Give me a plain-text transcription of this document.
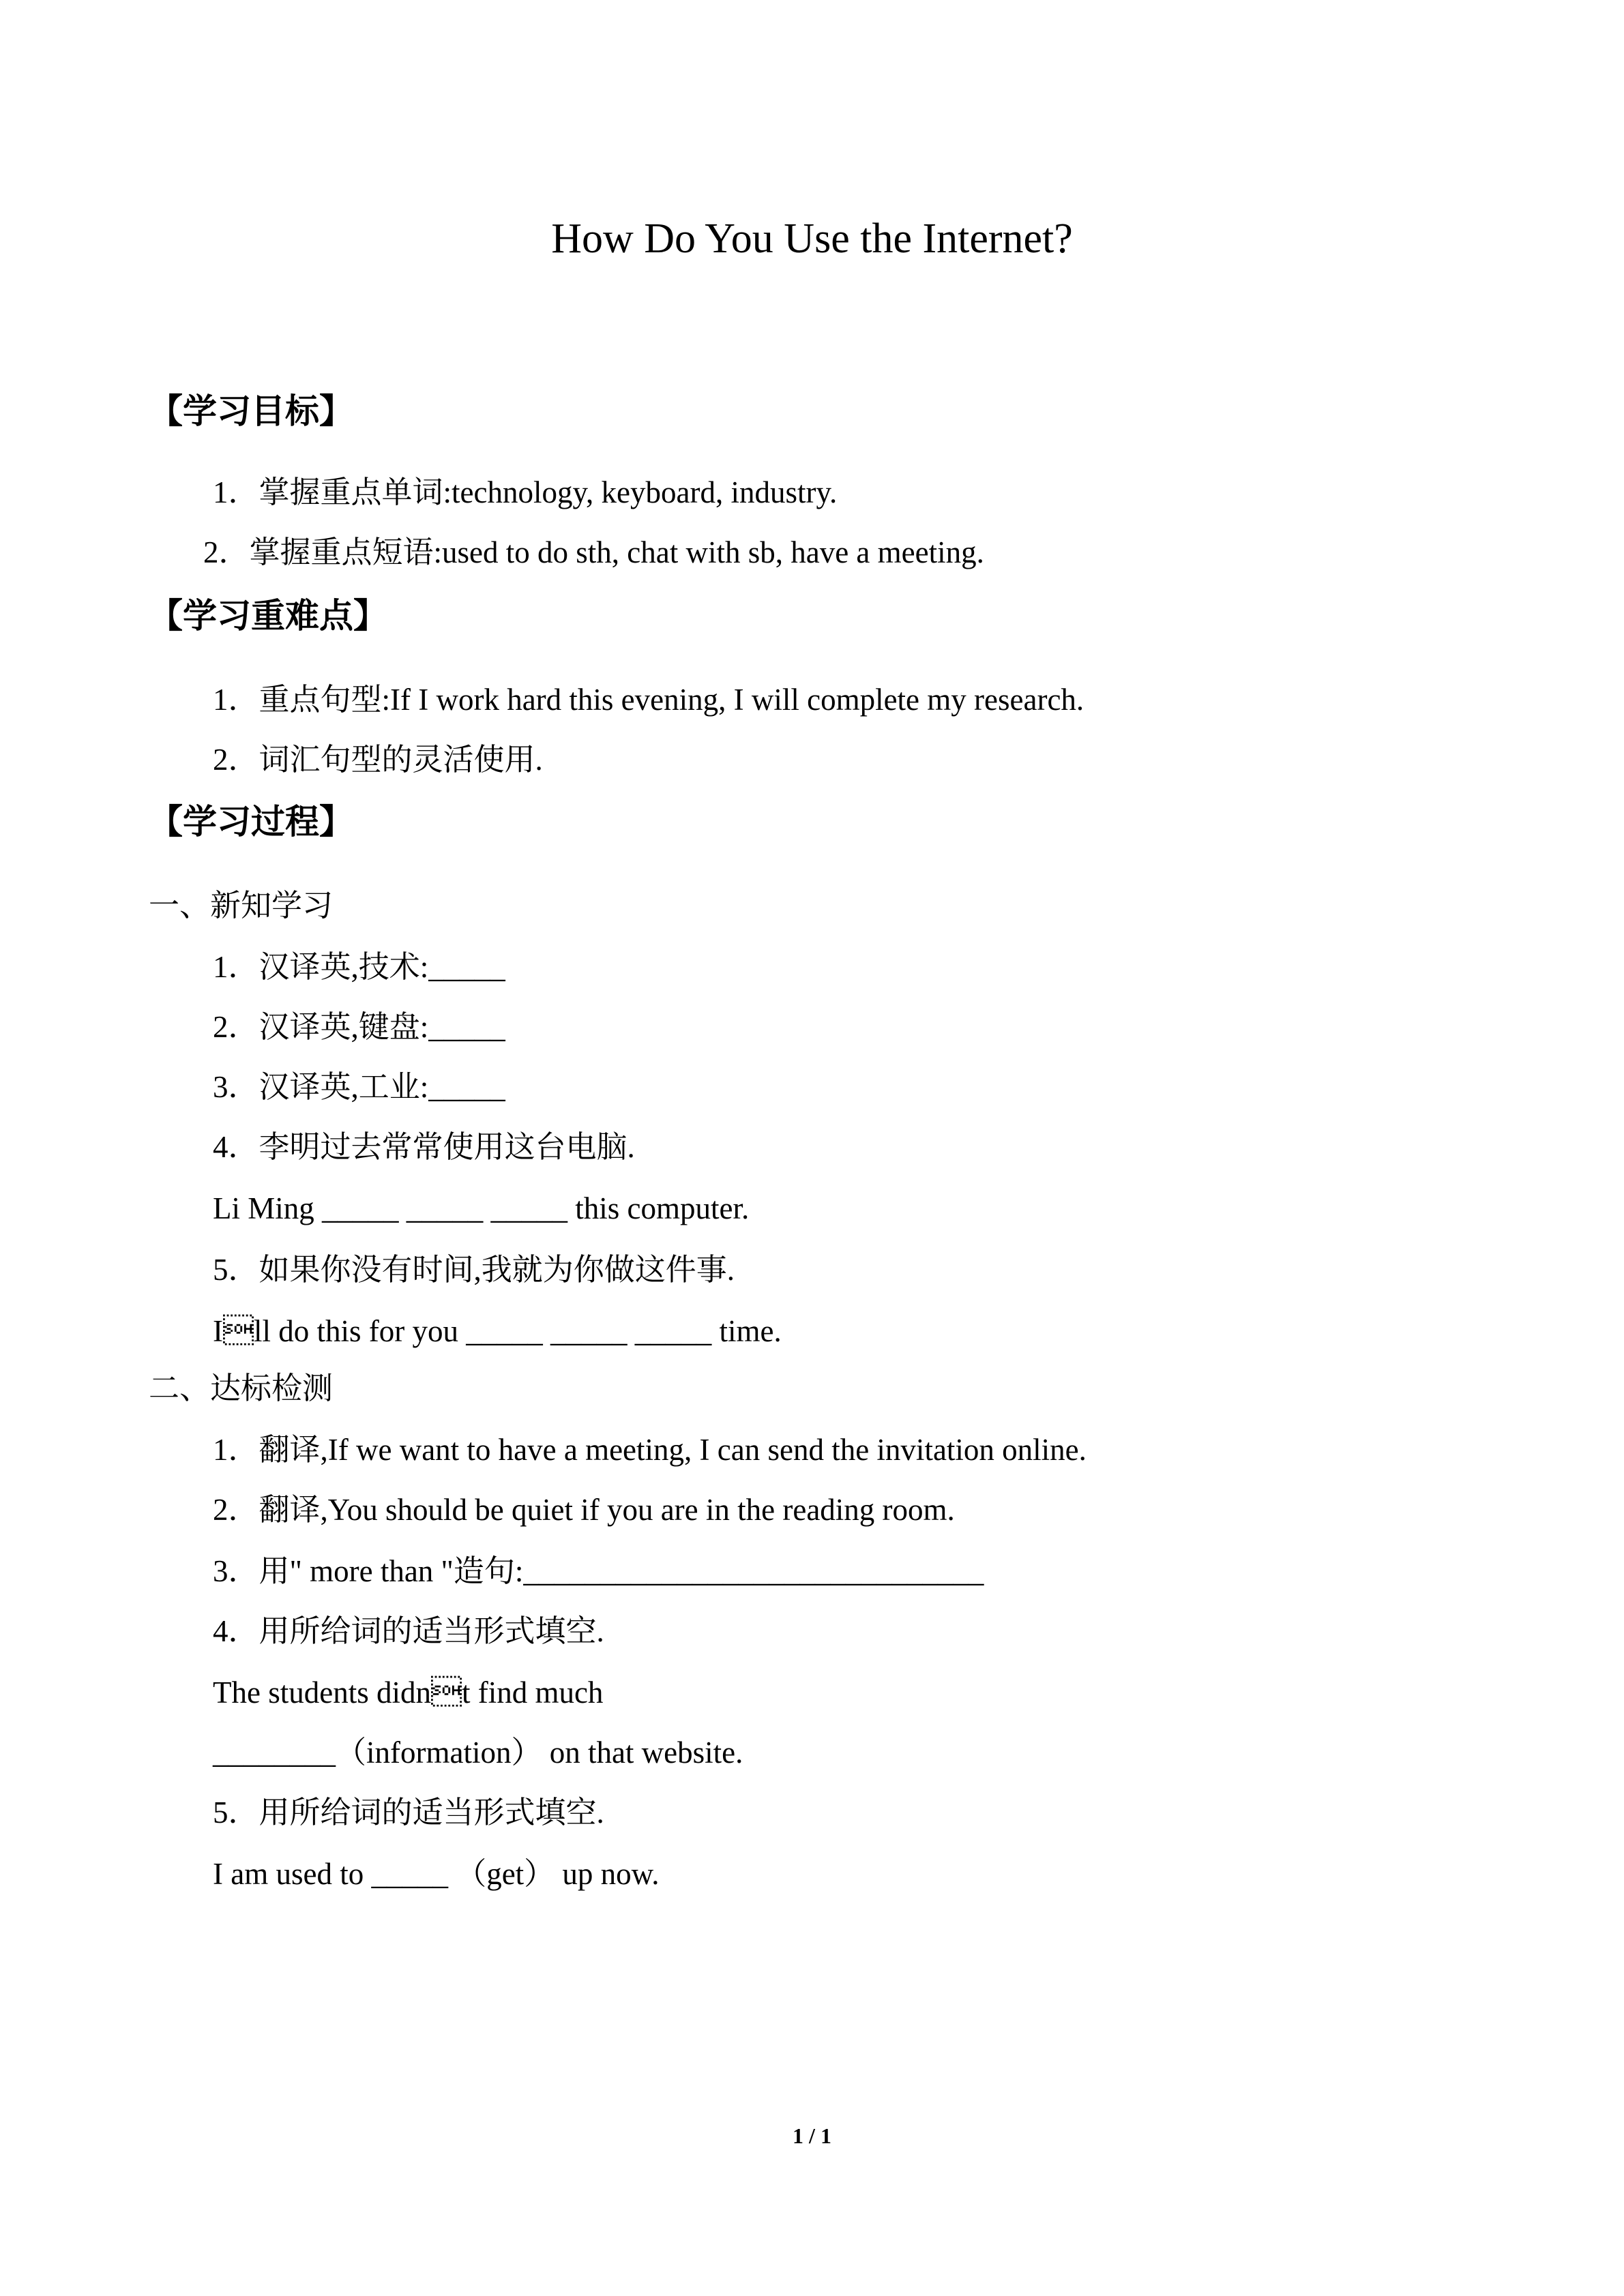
How Do You Use the Internet?
【学习目标】
1．掌握重点单词:technology, keyboard, industry.
2．掌握重点短语:used to do sth, chat with sb, have a meeting.
【学习重难点】
1．重点句型:If I work hard this evening, I will complete my research.
2．词汇句型的灵活使用.
【学习过程】
一、新知学习
1．汉译英,技术:_____
2．汉译英,键盘:_____
3．汉译英,工业:_____
4．李明过去常常使用这台电脑.
Li Ming _____ _____ _____ this computer.
5．如果你没有时间,我就为你做这件事.
Ill do this for you _____ _____ _____ time.
二、达标检测
1．翻译,If we want to have a meeting, I can send the invitation online.
2．翻译,You should be quiet if you are in the reading room.
3．用" more than "造句:______________________________
4．用所给词的适当形式填空.
The students didnt find much
________（information） on that website.
5．用所给词的适当形式填空.
I am used to _____ （get） up now.
1 / 1
